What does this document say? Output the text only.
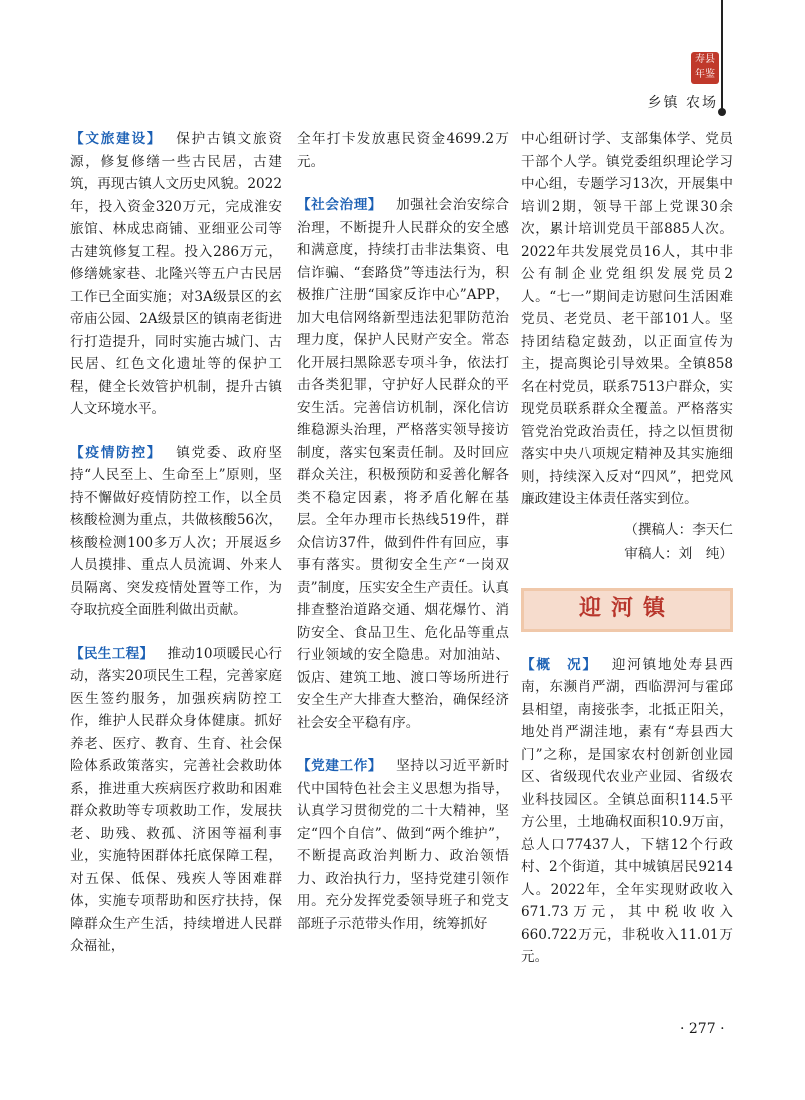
寿县年鉴
乡镇 农场

【文旅建设】 保护古镇文旅资源，修复修缮一些古民居，古建筑，再现古镇人文历史风貌。2022年，投入资金320万元，完成淮安旅馆、林成忠商铺、亚细亚公司等古建筑修复工程。投入286万元，修缮姚家巷、北隆兴等五户古民居工作已全面实施；对3A级景区的玄帝庙公园、2A级景区的镇南老街进行打造提升，同时实施古城门、古民居、红色文化遗址等的保护工程，健全长效管护机制，提升古镇人文环境水平。

【疫情防控】 镇党委、政府坚持“人民至上、生命至上”原则，坚持不懈做好疫情防控工作，以全员核酸检测为重点，共做核酸56次，核酸检测100多万人次；开展返乡人员摸排、重点人员流调、外来人员隔离、突发疫情处置等工作，为夺取抗疫全面胜利做出贡献。

【民生工程】 推动10项暖民心行动，落实20项民生工程，完善家庭医生签约服务，加强疾病防控工作，维护人民群众身体健康。抓好养老、医疗、教育、生育、社会保险体系政策落实，完善社会救助体系，推进重大疾病医疗救助和困难群众救助等专项救助工作，发展扶老、助残、救孤、济困等福利事业，实施特困群体托底保障工程，对五保、低保、残疾人等困难群体，实施专项帮助和医疗扶持，保障群众生产生活，持续增进人民群众福祉，

全年打卡发放惠民资金4699.2万元。

【社会治理】 加强社会治安综合治理，不断提升人民群众的安全感和满意度，持续打击非法集资、电信诈骗、“套路贷”等违法行为，积极推广注册“国家反诈中心”APP，加大电信网络新型违法犯罪防范治理力度，保护人民财产安全。常态化开展扫黑除恶专项斗争，依法打击各类犯罪，守护好人民群众的平安生活。完善信访机制，深化信访维稳源头治理，严格落实领导接访制度，落实包案责任制。及时回应群众关注，积极预防和妥善化解各类不稳定因素，将矛盾化解在基层。全年办理市长热线519件，群众信访37件，做到件件有回应，事事有落实。贯彻安全生产“一岗双责”制度，压实安全生产责任。认真排查整治道路交通、烟花爆竹、消防安全、食品卫生、危化品等重点行业领域的安全隐患。对加油站、饭店、建筑工地、渡口等场所进行安全生产大排查大整治，确保经济社会安全平稳有序。

【党建工作】 坚持以习近平新时代中国特色社会主义思想为指导，认真学习贯彻党的二十大精神，坚定“四个自信”、做到“两个维护”，不断提高政治判断力、政治领悟力、政治执行力，坚持党建引领作用。充分发挥党委领导班子和党支部班子示范带头作用，统筹抓好

中心组研讨学、支部集体学、党员干部个人学。镇党委组织理论学习中心组，专题学习13次，开展集中培训2期，领导干部上党课30余次，累计培训党员干部885人次。2022年共发展党员16人，其中非公有制企业党组织发展党员2人。“七一”期间走访慰问生活困难党员、老党员、老干部101人。坚持团结稳定鼓劲，以正面宣传为主，提高舆论引导效果。全镇858名在村党员，联系7513户群众，实现党员联系群众全覆盖。严格落实管党治党政治责任，持之以恒贯彻落实中央八项规定精神及其实施细则，持续深入反对“四风”，把党风廉政建设主体责任落实到位。

（撰稿人：李天仁
审稿人：刘　纯）
迎河镇

【概　况】 迎河镇地处寿县西南，东濒肖严湖，西临淠河与霍邱县相望，南接张李，北抵正阳关，地处肖严湖洼地，素有“寿县西大门”之称，是国家农村创新创业园区、省级现代农业产业园、省级农业科技园区。全镇总面积114.5平方公里，土地确权面积10.9万亩，总人口77437人，下辖12个行政村、2个街道，其中城镇居民9214人。2022年，全年实现财政收入671.73万元，其中税收收入660.722万元，非税收入11.01万元。

· 277 ·
